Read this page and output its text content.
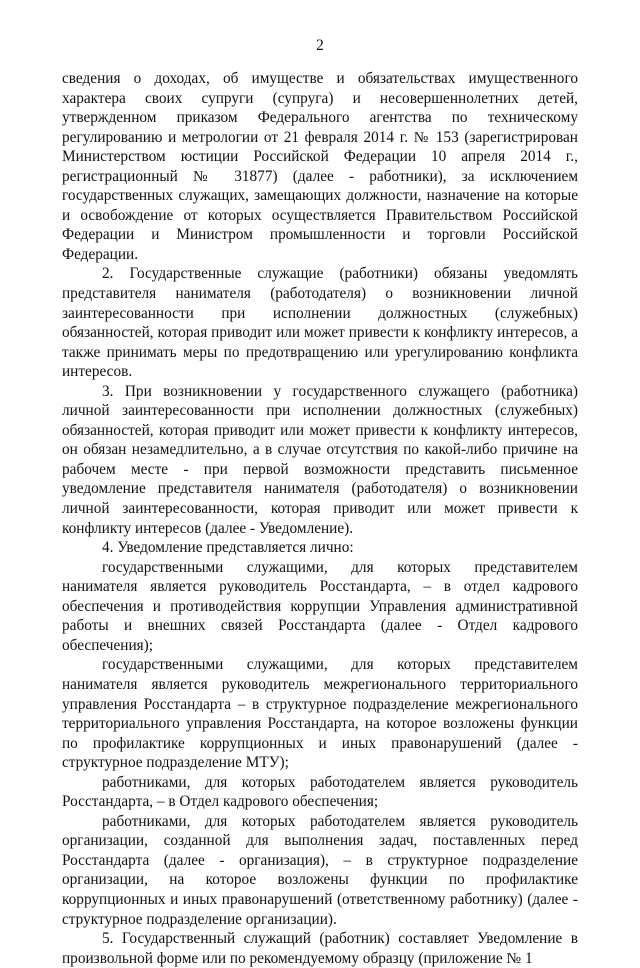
2

сведения о доходах, об имуществе и обязательствах имущественного характера своих супруги (супруга) и несовершеннолетних детей, утвержденном приказом Федерального агентства по техническому регулированию и метрологии от 21 февраля 2014 г. № 153 (зарегистрирован Министерством юстиции Российской Федерации 10 апреля 2014 г., регистрационный № 31877) (далее - работники), за исключением государственных служащих, замещающих должности, назначение на которые и освобождение от которых осуществляется Правительством Российской Федерации и Министром промышленности и торговли Российской Федерации.

2. Государственные служащие (работники) обязаны уведомлять представителя нанимателя (работодателя) о возникновении личной заинтересованности при исполнении должностных (служебных) обязанностей, которая приводит или может привести к конфликту интересов, а также принимать меры по предотвращению или урегулированию конфликта интересов.

3. При возникновении у государственного служащего (работника) личной заинтересованности при исполнении должностных (служебных) обязанностей, которая приводит или может привести к конфликту интересов, он обязан незамедлительно, а в случае отсутствия по какой-либо причине на рабочем месте - при первой возможности представить письменное уведомление представителя нанимателя (работодателя) о возникновении личной заинтересованности, которая приводит или может привести к конфликту интересов (далее - Уведомление).

4. Уведомление представляется лично:

государственными служащими, для которых представителем нанимателя является руководитель Росстандарта, – в отдел кадрового обеспечения и противодействия коррупции Управления административной работы и внешних связей Росстандарта (далее - Отдел кадрового обеспечения);

государственными служащими, для которых представителем нанимателя является руководитель межрегионального территориального управления Росстандарта – в структурное подразделение межрегионального территориального управления Росстандарта, на которое возложены функции по профилактике коррупционных и иных правонарушений (далее - структурное подразделение МТУ);

работниками, для которых работодателем является руководитель Росстандарта, – в Отдел кадрового обеспечения;

работниками, для которых работодателем является руководитель организации, созданной для выполнения задач, поставленных перед Росстандарта (далее - организация), – в структурное подразделение организации, на которое возложены функции по профилактике коррупционных и иных правонарушений (ответственному работнику) (далее - структурное подразделение организации).

5. Государственный служащий (работник) составляет Уведомление в произвольной форме или по рекомендуемому образцу (приложение № 1
